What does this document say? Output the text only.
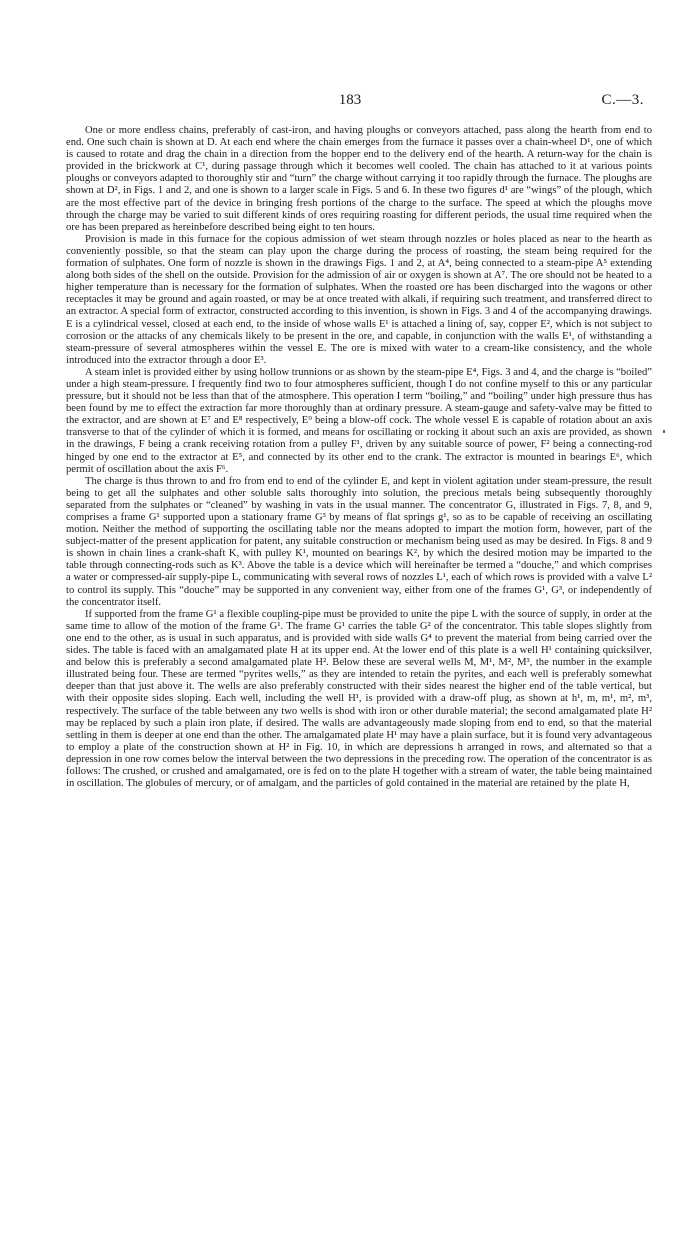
183	C.—3.

One or more endless chains, preferably of cast-iron, and having ploughs or conveyors attached, pass along the hearth from end to end. One such chain is shown at D. At each end where the chain emerges from the furnace it passes over a chain-wheel D¹, one of which is caused to rotate and drag the chain in a direction from the hopper end to the delivery end of the hearth. A return-way for the chain is provided in the brickwork at C¹, during passage through which it becomes well cooled. The chain has attached to it at various points ploughs or conveyors adapted to thoroughly stir and “turn” the charge without carrying it too rapidly through the furnace. The ploughs are shown at D², in Figs. 1 and 2, and one is shown to a larger scale in Figs. 5 and 6. In these two figures d¹ are “wings” of the plough, which are the most effective part of the device in bringing fresh portions of the charge to the surface. The speed at which the ploughs move through the charge may be varied to suit different kinds of ores requiring roasting for different periods, the usual time required when the ore has been prepared as hereinbefore described being eight to ten hours.

Provision is made in this furnace for the copious admission of wet steam through nozzles or holes placed as near to the hearth as conveniently possible, so that the steam can play upon the charge during the process of roasting, the steam being required for the formation of sulphates. One form of nozzle is shown in the drawings Figs. 1 and 2, at A⁴, being connected to a steam-pipe A⁵ extending along both sides of the shell on the outside. Provision for the admission of air or oxygen is shown at A⁷. The ore should not be heated to a higher temperature than is necessary for the formation of sulphates. When the roasted ore has been discharged into the wagons or other receptacles it may be ground and again roasted, or may be at once treated with alkali, if requiring such treatment, and transferred direct to an extractor. A special form of extractor, constructed according to this invention, is shown in Figs. 3 and 4 of the accompanying drawings. E is a cylindrical vessel, closed at each end, to the inside of whose walls E¹ is attached a lining of, say, copper E², which is not subject to corrosion or the attacks of any chemicals likely to be present in the ore, and capable, in conjunction with the walls E¹, of withstanding a steam-pressure of several atmospheres within the vessel E. The ore is mixed with water to a cream-like consistency, and the whole introduced into the extractor through a door E³.

A steam inlet is provided either by using hollow trunnions or as shown by the steam-pipe E⁴, Figs. 3 and 4, and the charge is “boiled” under a high steam-pressure. I frequently find two to four atmospheres sufficient, though I do not confine myself to this or any particular pressure, but it should not be less than that of the atmosphere. This operation I term “boiling,” and “boiling” under high pressure thus has been found by me to effect the extraction far more thoroughly than at ordinary pressure. A steam-gauge and safety-valve may be fitted to the extractor, and are shown at E⁷ and E⁸ respectively, E⁹ being a blow-off cock. The whole vessel E is capable of rotation about an axis transverse to that of the cylinder of which it is formed, and means for oscillating or rocking it about such an axis are provided, as shown in the drawings, F being a crank receiving rotation from a pulley F¹, driven by any suitable source of power, F² being a connecting-rod hinged by one end to the extractor at E⁵, and connected by its other end to the crank. The extractor is mounted in bearings E⁶, which permit of oscillation about the axis F⁶.

The charge is thus thrown to and fro from end to end of the cylinder E, and kept in violent agitation under steam-pressure, the result being to get all the sulphates and other soluble salts thoroughly into solution, the precious metals being subsequently thoroughly separated from the sulphates or “cleaned” by washing in vats in the usual manner. The concentrator G, illustrated in Figs. 7, 8, and 9, comprises a frame G¹ supported upon a stationary frame G³ by means of flat springs g¹, so as to be capable of receiving an oscillating motion. Neither the method of supporting the oscillating table nor the means adopted to impart the motion form, however, part of the subject-matter of the present application for patent, any suitable construction or mechanism being used as may be desired. In Figs. 8 and 9 is shown in chain lines a crank-shaft K, with pulley K¹, mounted on bearings K², by which the desired motion may be imparted to the table through connecting-rods such as K³. Above the table is a device which will hereinafter be termed a “douche,” and which comprises a water or compressed-air supply-pipe L, communicating with several rows of nozzles L¹, each of which rows is provided with a valve L² to control its supply. This “douche” may be supported in any convenient way, either from one of the frames G¹, G³, or independently of the concentrator itself.

If supported from the frame G¹ a flexible coupling-pipe must be provided to unite the pipe L with the source of supply, in order at the same time to allow of the motion of the frame G¹. The frame G¹ carries the table G² of the concentrator. This table slopes slightly from one end to the other, as is usual in such apparatus, and is provided with side walls G⁴ to prevent the material from being carried over the sides. The table is faced with an amalgamated plate H at its upper end. At the lower end of this plate is a well H¹ containing quicksilver, and below this is preferably a second amalgamated plate H². Below these are several wells M, M¹, M², M³, the number in the example illustrated being four. These are termed “pyrites wells,” as they are intended to retain the pyrites, and each well is preferably somewhat deeper than that just above it. The wells are also preferably constructed with their sides nearest the higher end of the table vertical, but with their opposite sides sloping. Each well, including the well H¹, is provided with a draw-off plug, as shown at h¹, m, m¹, m², m³, respectively. The surface of the table between any two wells is shod with iron or other durable material; the second amalgamated plate H² may be replaced by such a plain iron plate, if desired. The walls are advantageously made sloping from end to end, so that the material settling in them is deeper at one end than the other. The amalgamated plate H¹ may have a plain surface, but it is found very advantageous to employ a plate of the construction shown at H² in Fig. 10, in which are depressions h arranged in rows, and alternated so that a depression in one row comes below the interval between the two depressions in the preceding row. The operation of the concentrator is as follows: The crushed, or crushed and amalgamated, ore is fed on to the plate H together with a stream of water, the table being maintained in oscillation. The globules of mercury, or of amalgam, and the particles of gold contained in the material are retained by the plate H,
